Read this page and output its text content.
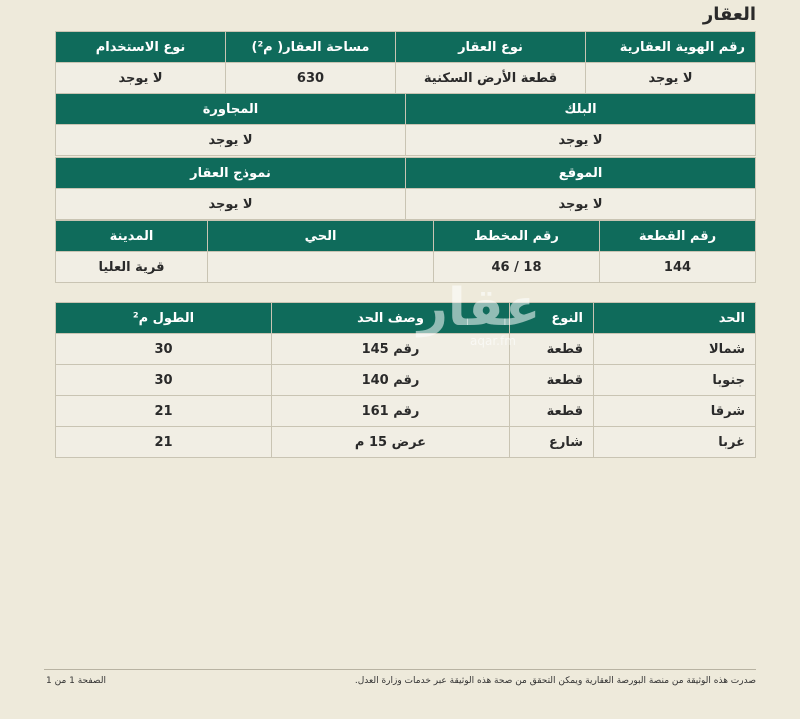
العقار
رقم الهوية العقارية	نوع العقار	مساحة العقار( م²)	نوع الاستخدام
لا يوجد	قطعة الأرض السكنية	630	لا يوجد
البلك	المجاورة
لا يوجد	لا يوجد
الموقع	نموذج العقار
لا يوجد	لا يوجد
رقم القطعة	رقم المخطط	الحي	المدينة
144	18 / 46		قرية العليا
الحد	النوع	وصف الحد	الطول م²
شمالا	قطعة	رقم 145	30
جنوبا	قطعة	رقم 140	30
شرقا	قطعة	رقم 161	21
غربا	شارع	عرض 15 م	21
عقار
aqar.fm
صدرت هذه الوثيقة من منصة البورصة العقارية ويمكن التحقق من صحة هذه الوثيقة عبر خدمات وزارة العدل.
الصفحة 1 من 1
